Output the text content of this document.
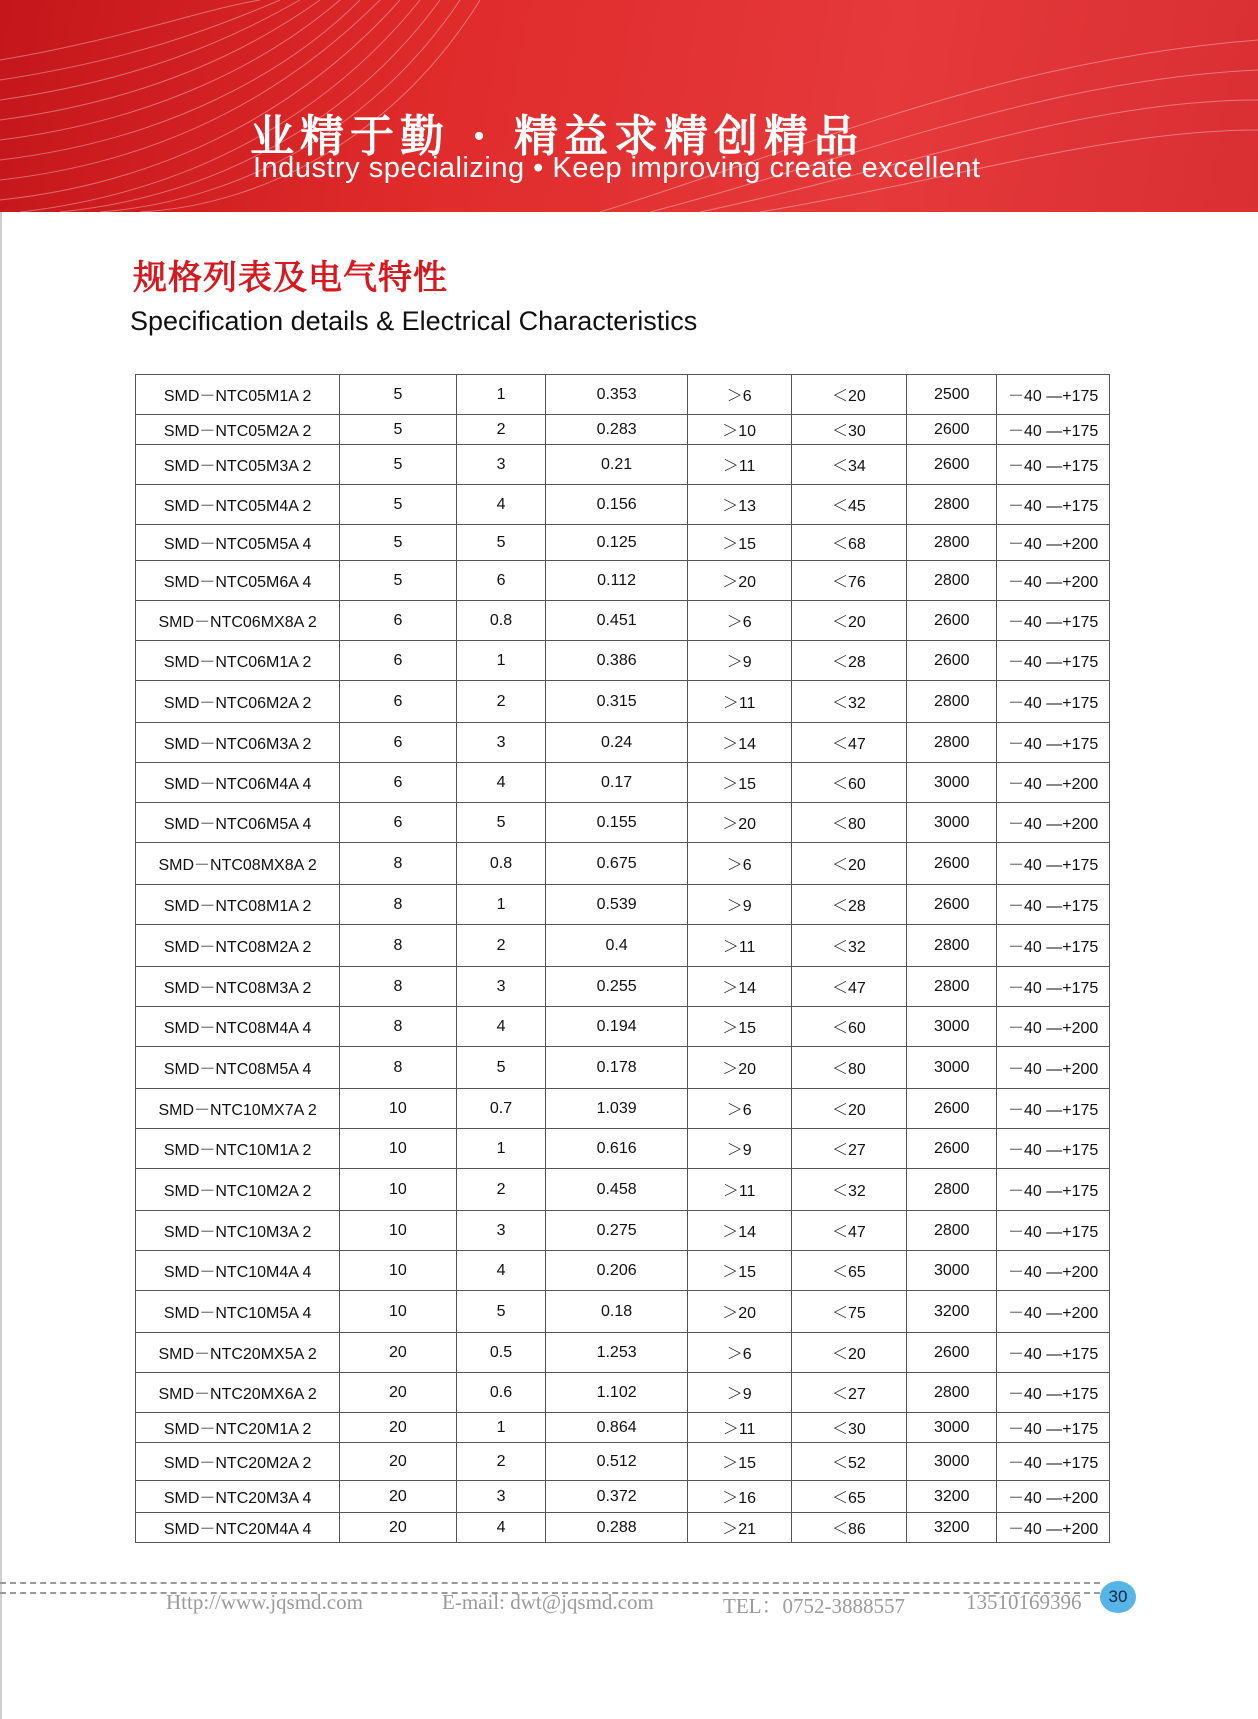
业精于勤 · 精益求精创精品
Industry specializing • Keep improving create excellent
规格列表及电气特性
Specification details & Electrical Characteristics
SMD－NTC05M1A 2	5	1	0.353	＞6	＜20	2500	－40 —+175
SMD－NTC05M2A 2	5	2	0.283	＞10	＜30	2600	－40 —+175
SMD－NTC05M3A 2	5	3	0.21	＞11	＜34	2600	－40 —+175
SMD－NTC05M4A 2	5	4	0.156	＞13	＜45	2800	－40 —+175
SMD－NTC05M5A 4	5	5	0.125	＞15	＜68	2800	－40 —+200
SMD－NTC05M6A 4	5	6	0.112	＞20	＜76	2800	－40 —+200
SMD－NTC06MX8A 2	6	0.8	0.451	＞6	＜20	2600	－40 —+175
SMD－NTC06M1A 2	6	1	0.386	＞9	＜28	2600	－40 —+175
SMD－NTC06M2A 2	6	2	0.315	＞11	＜32	2800	－40 —+175
SMD－NTC06M3A 2	6	3	0.24	＞14	＜47	2800	－40 —+175
SMD－NTC06M4A 4	6	4	0.17	＞15	＜60	3000	－40 —+200
SMD－NTC06M5A 4	6	5	0.155	＞20	＜80	3000	－40 —+200
SMD－NTC08MX8A 2	8	0.8	0.675	＞6	＜20	2600	－40 —+175
SMD－NTC08M1A 2	8	1	0.539	＞9	＜28	2600	－40 —+175
SMD－NTC08M2A 2	8	2	0.4	＞11	＜32	2800	－40 —+175
SMD－NTC08M3A 2	8	3	0.255	＞14	＜47	2800	－40 —+175
SMD－NTC08M4A 4	8	4	0.194	＞15	＜60	3000	－40 —+200
SMD－NTC08M5A 4	8	5	0.178	＞20	＜80	3000	－40 —+200
SMD－NTC10MX7A 2	10	0.7	1.039	＞6	＜20	2600	－40 —+175
SMD－NTC10M1A 2	10	1	0.616	＞9	＜27	2600	－40 —+175
SMD－NTC10M2A 2	10	2	0.458	＞11	＜32	2800	－40 —+175
SMD－NTC10M3A 2	10	3	0.275	＞14	＜47	2800	－40 —+175
SMD－NTC10M4A 4	10	4	0.206	＞15	＜65	3000	－40 —+200
SMD－NTC10M5A 4	10	5	0.18	＞20	＜75	3200	－40 —+200
SMD－NTC20MX5A 2	20	0.5	1.253	＞6	＜20	2600	－40 —+175
SMD－NTC20MX6A 2	20	0.6	1.102	＞9	＜27	2800	－40 —+175
SMD－NTC20M1A 2	20	1	0.864	＞11	＜30	3000	－40 —+175
SMD－NTC20M2A 2	20	2	0.512	＞15	＜52	3000	－40 —+175
SMD－NTC20M3A 4	20	3	0.372	＞16	＜65	3200	－40 —+200
SMD－NTC20M4A 4	20	4	0.288	＞21	＜86	3200	－40 —+200
Http://www.jqsmd.com	E-mail: dwt@jqsmd.com	TEL：0752-3888557	13510169396	30
